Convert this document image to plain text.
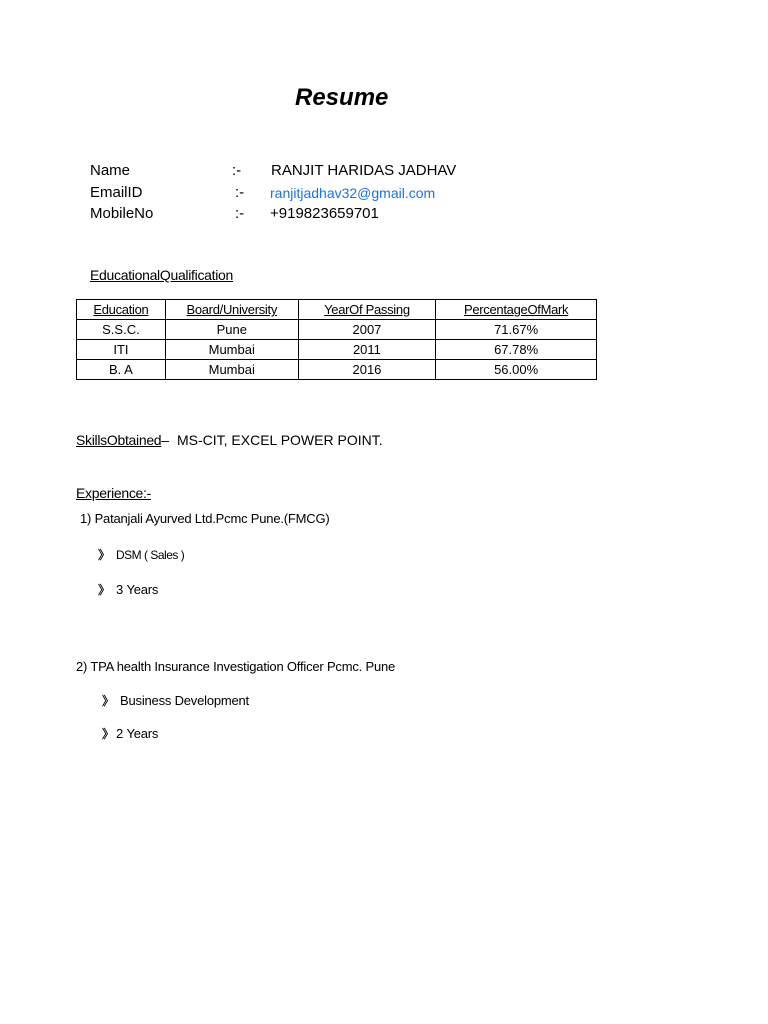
Resume
Name	:- RANJIT HARIDAS JADHAV
EmailID	:- ranjitjadhav32@gmail.com
MobileNo	:- +919823659701
EducationalQualification
Education	Board/University	YearOf Passing	PercentageOfMark
S.S.C.	Pune	2007	71.67%
ITI	Mumbai	2011	67.78%
B. A	Mumbai	2016	56.00%
SkillsObtained– MS-CIT, EXCEL POWER POINT.
Experience:-
1) Patanjali Ayurved Ltd.Pcmc Pune.(FMCG)
》 DSM ( Sales )
》 3 Years
2) TPA health Insurance Investigation Officer Pcmc. Pune
》 Business Development
》 2 Years
